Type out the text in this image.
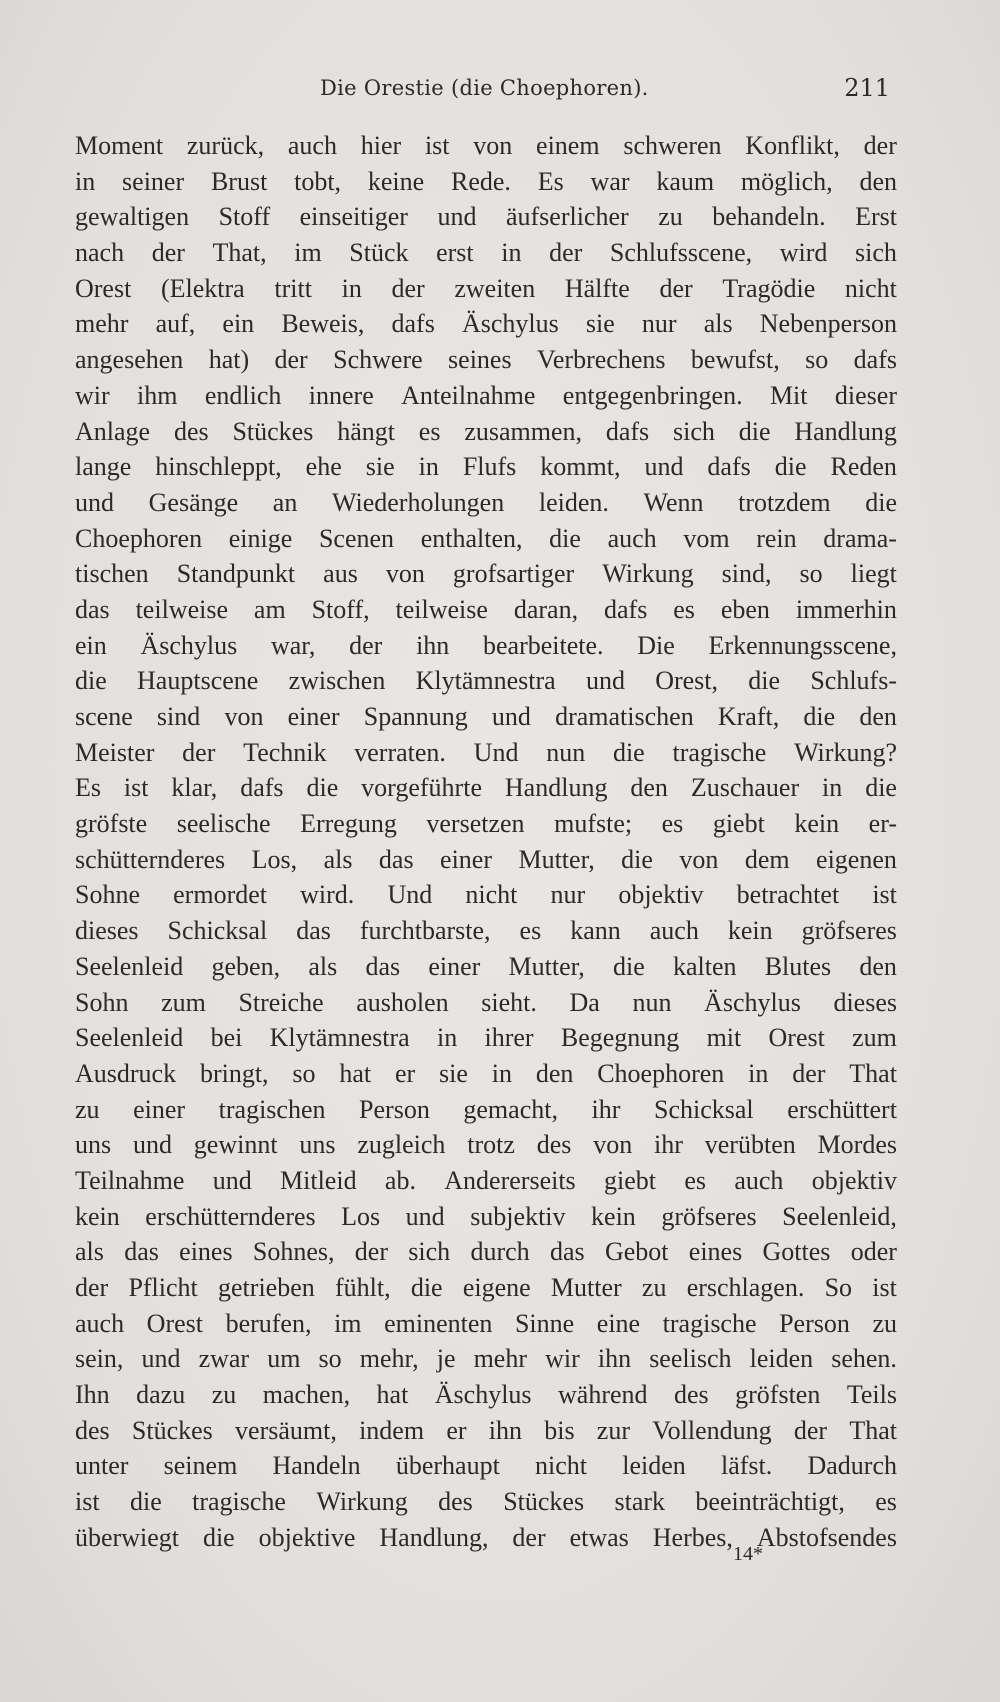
Die Orestie (die Choephoren).	211
Moment zurück, auch hier ist von einem schweren Konflikt, der
in seiner Brust tobt, keine Rede. Es war kaum möglich, den
gewaltigen Stoff einseitiger und äufserlicher zu behandeln. Erst
nach der That, im Stück erst in der Schlufsscene, wird sich
Orest (Elektra tritt in der zweiten Hälfte der Tragödie nicht
mehr auf, ein Beweis, dafs Äschylus sie nur als Nebenperson
angesehen hat) der Schwere seines Verbrechens bewufst, so dafs
wir ihm endlich innere Anteilnahme entgegenbringen. Mit dieser
Anlage des Stückes hängt es zusammen, dafs sich die Handlung
lange hinschleppt, ehe sie in Flufs kommt, und dafs die Reden
und Gesänge an Wiederholungen leiden. Wenn trotzdem die
Choephoren einige Scenen enthalten, die auch vom rein drama-
tischen Standpunkt aus von grofsartiger Wirkung sind, so liegt
das teilweise am Stoff, teilweise daran, dafs es eben immerhin
ein Äschylus war, der ihn bearbeitete. Die Erkennungsscene,
die Hauptscene zwischen Klytämnestra und Orest, die Schlufs-
scene sind von einer Spannung und dramatischen Kraft, die den
Meister der Technik verraten. Und nun die tragische Wirkung?
Es ist klar, dafs die vorgeführte Handlung den Zuschauer in die
gröfste seelische Erregung versetzen mufste; es giebt kein er-
schütternderes Los, als das einer Mutter, die von dem eigenen
Sohne ermordet wird. Und nicht nur objektiv betrachtet ist
dieses Schicksal das furchtbarste, es kann auch kein gröfseres
Seelenleid geben, als das einer Mutter, die kalten Blutes den
Sohn zum Streiche ausholen sieht. Da nun Äschylus dieses
Seelenleid bei Klytämnestra in ihrer Begegnung mit Orest zum
Ausdruck bringt, so hat er sie in den Choephoren in der That
zu einer tragischen Person gemacht, ihr Schicksal erschüttert
uns und gewinnt uns zugleich trotz des von ihr verübten Mordes
Teilnahme und Mitleid ab. Andererseits giebt es auch objektiv
kein erschütternderes Los und subjektiv kein gröfseres Seelenleid,
als das eines Sohnes, der sich durch das Gebot eines Gottes oder
der Pflicht getrieben fühlt, die eigene Mutter zu erschlagen. So ist
auch Orest berufen, im eminenten Sinne eine tragische Person zu
sein, und zwar um so mehr, je mehr wir ihn seelisch leiden sehen.
Ihn dazu zu machen, hat Äschylus während des gröfsten Teils
des Stückes versäumt, indem er ihn bis zur Vollendung der That
unter seinem Handeln überhaupt nicht leiden läfst. Dadurch
ist die tragische Wirkung des Stückes stark beeinträchtigt, es
überwiegt die objektive Handlung, der etwas Herbes, Abstofsendes
14*
